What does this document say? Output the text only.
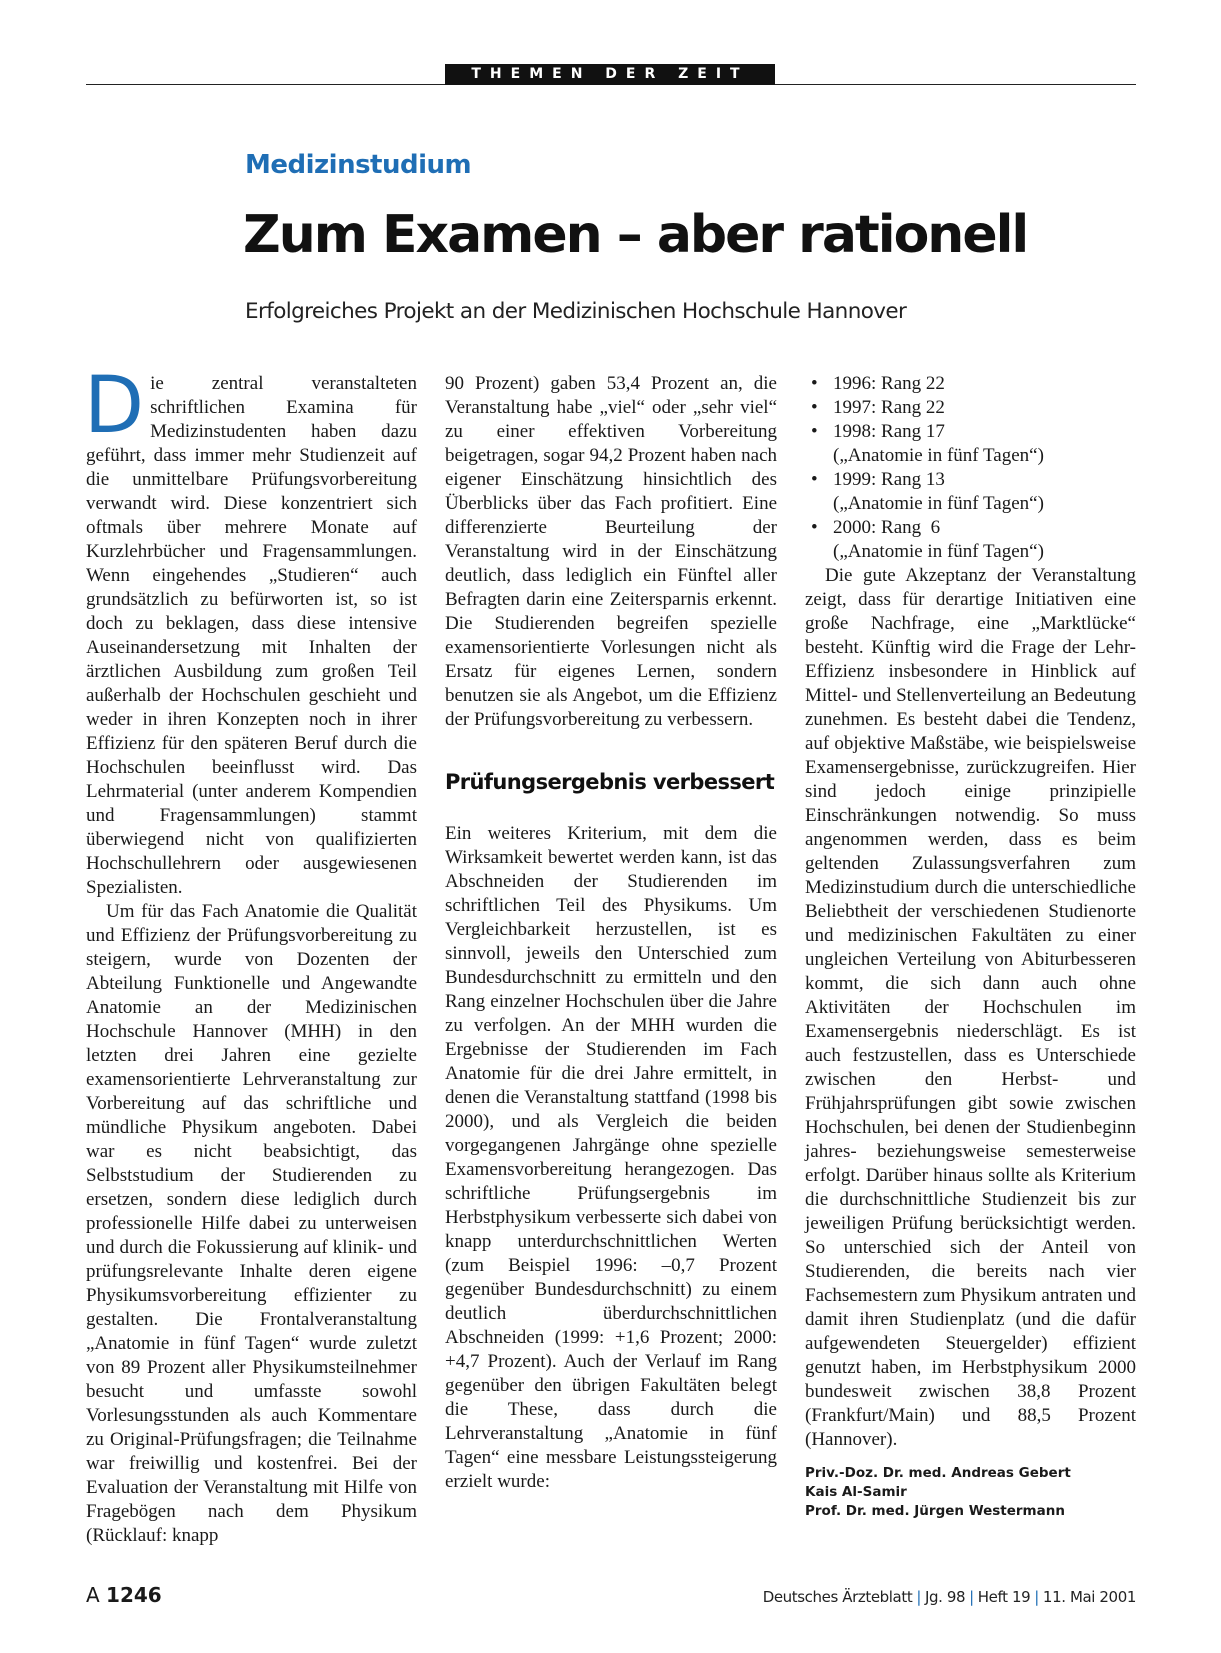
THEMEN DER ZEIT
Medizinstudium
Zum Examen – aber rationell
Erfolgreiches Projekt an der Medizinischen Hochschule Hannover

Die zentral veranstalteten schriftlichen Examina für Medizinstudenten haben dazu geführt, dass immer mehr Studienzeit auf die unmittelbare Prüfungsvorbereitung verwandt wird. Diese konzentriert sich oftmals über mehrere Monate auf Kurzlehrbücher und Fragensammlungen. Wenn eingehendes „Studieren“ auch grundsätzlich zu befürworten ist, so ist doch zu beklagen, dass diese intensive Auseinandersetzung mit Inhalten der ärztlichen Ausbildung zum großen Teil außerhalb der Hochschulen geschieht und weder in ihren Konzepten noch in ihrer Effizienz für den späteren Beruf durch die Hochschulen beeinflusst wird. Das Lehrmaterial (unter anderem Kompendien und Fragensammlungen) stammt überwiegend nicht von qualifizierten Hochschullehrern oder ausgewiesenen Spezialisten.

Um für das Fach Anatomie die Qualität und Effizienz der Prüfungsvorbereitung zu steigern, wurde von Dozenten der Abteilung Funktionelle und Angewandte Anatomie an der Medizinischen Hochschule Hannover (MHH) in den letzten drei Jahren eine gezielte examensorientierte Lehrveranstaltung zur Vorbereitung auf das schriftliche und mündliche Physikum angeboten. Dabei war es nicht beabsichtigt, das Selbststudium der Studierenden zu ersetzen, sondern diese lediglich durch professionelle Hilfe dabei zu unterweisen und durch die Fokussierung auf klinik- und prüfungsrelevante Inhalte deren eigene Physikumsvorbereitung effizienter zu gestalten. Die Frontalveranstaltung „Anatomie in fünf Tagen“ wurde zuletzt von 89 Prozent aller Physikumsteilnehmer besucht und umfasste sowohl Vorlesungsstunden als auch Kommentare zu Original-Prüfungsfragen; die Teilnahme war freiwillig und kostenfrei. Bei der Evaluation der Veranstaltung mit Hilfe von Fragebögen nach dem Physikum (Rücklauf: knapp

90 Prozent) gaben 53,4 Prozent an, die Veranstaltung habe „viel“ oder „sehr viel“ zu einer effektiven Vorbereitung beigetragen, sogar 94,2 Prozent haben nach eigener Einschätzung hinsichtlich des Überblicks über das Fach profitiert. Eine differenzierte Beurteilung der Veranstaltung wird in der Einschätzung deutlich, dass lediglich ein Fünftel aller Befragten darin eine Zeitersparnis erkennt. Die Studierenden begreifen spezielle examensorientierte Vorlesungen nicht als Ersatz für eigenes Lernen, sondern benutzen sie als Angebot, um die Effizienz der Prüfungsvorbereitung zu verbessern.

Prüfungsergebnis verbessert

Ein weiteres Kriterium, mit dem die Wirksamkeit bewertet werden kann, ist das Abschneiden der Studierenden im schriftlichen Teil des Physikums. Um Vergleichbarkeit herzustellen, ist es sinnvoll, jeweils den Unterschied zum Bundesdurchschnitt zu ermitteln und den Rang einzelner Hochschulen über die Jahre zu verfolgen. An der MHH wurden die Ergebnisse der Studierenden im Fach Anatomie für die drei Jahre ermittelt, in denen die Veranstaltung stattfand (1998 bis 2000), und als Vergleich die beiden vorgegangenen Jahrgänge ohne spezielle Examensvorbereitung herangezogen. Das schriftliche Prüfungsergebnis im Herbstphysikum verbesserte sich dabei von knapp unterdurchschnittlichen Werten (zum Beispiel 1996: –0,7 Prozent gegenüber Bundesdurchschnitt) zu einem deutlich überdurchschnittlichen Abschneiden (1999: +1,6 Prozent; 2000: +4,7 Prozent). Auch der Verlauf im Rang gegenüber den übrigen Fakultäten belegt die These, dass durch die Lehrveranstaltung „Anatomie in fünf Tagen“ eine messbare Leistungssteigerung erzielt wurde:

• 1996: Rang 22
• 1997: Rang 22
• 1998: Rang 17
(„Anatomie in fünf Tagen“)
• 1999: Rang 13
(„Anatomie in fünf Tagen“)
• 2000: Rang  6
(„Anatomie in fünf Tagen“)

Die gute Akzeptanz der Veranstaltung zeigt, dass für derartige Initiativen eine große Nachfrage, eine „Marktlücke“ besteht. Künftig wird die Frage der Lehr-Effizienz insbesondere in Hinblick auf Mittel- und Stellenverteilung an Bedeutung zunehmen. Es besteht dabei die Tendenz, auf objektive Maßstäbe, wie beispielsweise Examensergebnisse, zurückzugreifen. Hier sind jedoch einige prinzipielle Einschränkungen notwendig. So muss angenommen werden, dass es beim geltenden Zulassungsverfahren zum Medizinstudium durch die unterschiedliche Beliebtheit der verschiedenen Studienorte und medizinischen Fakultäten zu einer ungleichen Verteilung von Abiturbesseren kommt, die sich dann auch ohne Aktivitäten der Hochschulen im Examensergebnis niederschlägt. Es ist auch festzustellen, dass es Unterschiede zwischen den Herbst- und Frühjahrsprüfungen gibt sowie zwischen Hochschulen, bei denen der Studienbeginn jahres- beziehungsweise semesterweise erfolgt. Darüber hinaus sollte als Kriterium die durchschnittliche Studienzeit bis zur jeweiligen Prüfung berücksichtigt werden. So unterschied sich der Anteil von Studierenden, die bereits nach vier Fachsemestern zum Physikum antraten und damit ihren Studienplatz (und die dafür aufgewendeten Steuergelder) effizient genutzt haben, im Herbstphysikum 2000 bundesweit zwischen 38,8 Prozent (Frankfurt/Main) und 88,5 Prozent (Hannover).

Priv.-Doz. Dr. med. Andreas Gebert
Kais Al-Samir
Prof. Dr. med. Jürgen Westermann
A 1246	Deutsches Ärzteblatt | Jg. 98 | Heft 19 | 11. Mai 2001
